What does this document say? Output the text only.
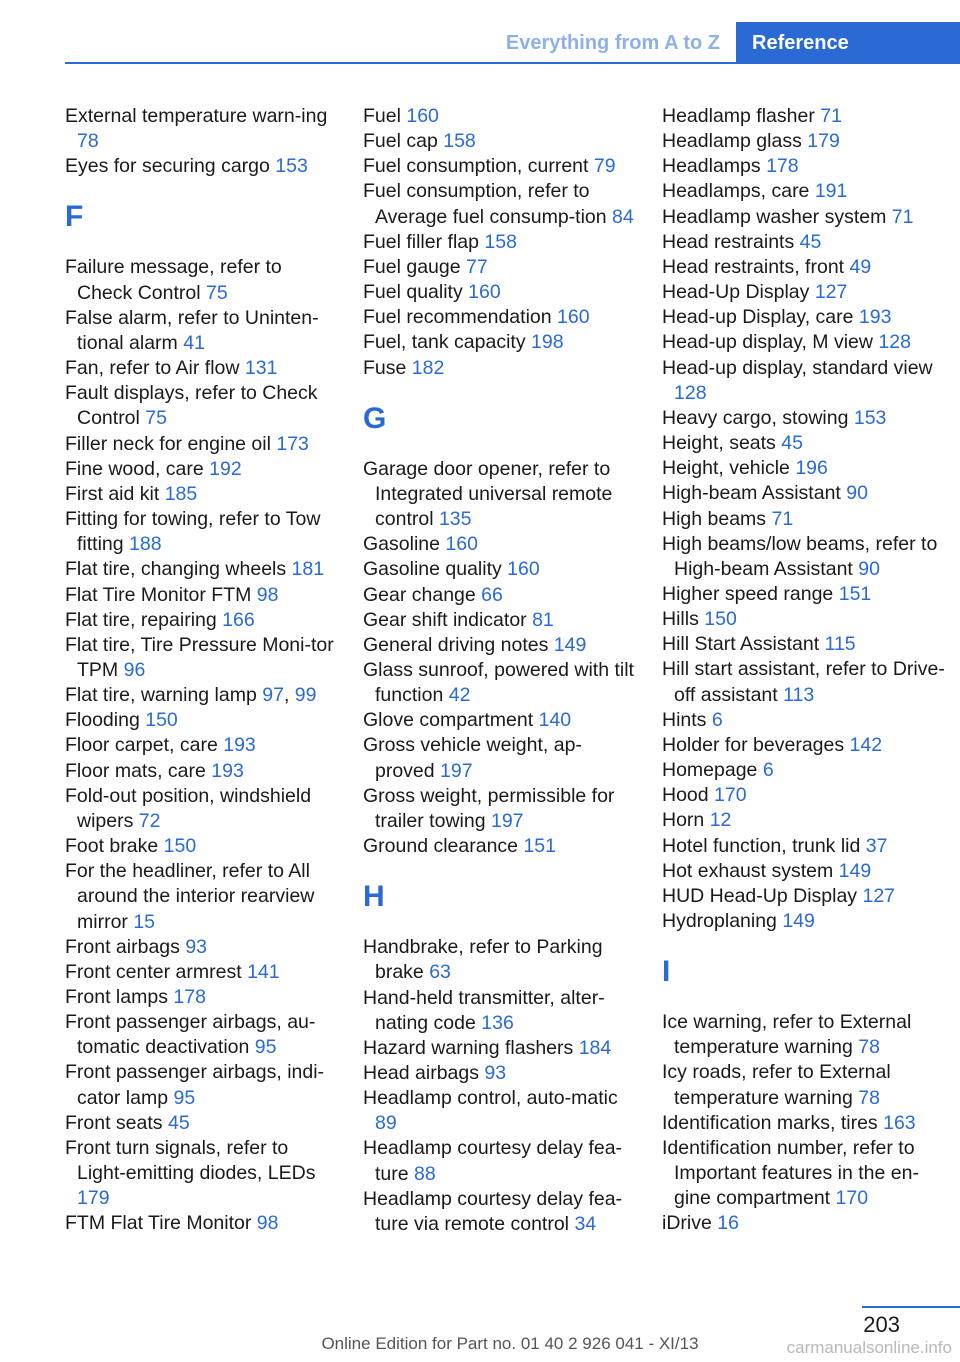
Everything from A to Z	Reference
External temperature warn‐ing 78
Eyes for securing cargo 153
F
Failure message, refer to Check Control 75
False alarm, refer to Uninten‐tional alarm 41
Fan, refer to Air flow 131
Fault displays, refer to Check Control 75
Filler neck for engine oil 173
Fine wood, care 192
First aid kit 185
Fitting for towing, refer to Tow fitting 188
Flat tire, changing wheels 181
Flat Tire Monitor FTM 98
Flat tire, repairing 166
Flat tire, Tire Pressure Moni‐tor TPM 96
Flat tire, warning lamp 97, 99
Flooding 150
Floor carpet, care 193
Floor mats, care 193
Fold-out position, windshield wipers 72
Foot brake 150
For the headliner, refer to All around the interior rearview mirror 15
Front airbags 93
Front center armrest 141
Front lamps 178
Front passenger airbags, au‐tomatic deactivation 95
Front passenger airbags, indi‐cator lamp 95
Front seats 45
Front turn signals, refer to Light-emitting diodes, LEDs 179
FTM Flat Tire Monitor 98
Fuel 160
Fuel cap 158
Fuel consumption, current 79
Fuel consumption, refer to Average fuel consump‐tion 84
Fuel filler flap 158
Fuel gauge 77
Fuel quality 160
Fuel recommendation 160
Fuel, tank capacity 198
Fuse 182
G
Garage door opener, refer to Integrated universal remote control 135
Gasoline 160
Gasoline quality 160
Gear change 66
Gear shift indicator 81
General driving notes 149
Glass sunroof, powered with tilt function 42
Glove compartment 140
Gross vehicle weight, ap‐proved 197
Gross weight, permissible for trailer towing 197
Ground clearance 151
H
Handbrake, refer to Parking brake 63
Hand-held transmitter, alter‐nating code 136
Hazard warning flashers 184
Head airbags 93
Headlamp control, auto‐matic 89
Headlamp courtesy delay fea‐ture 88
Headlamp courtesy delay fea‐ture via remote control 34
Headlamp flasher 71
Headlamp glass 179
Headlamps 178
Headlamps, care 191
Headlamp washer system 71
Head restraints 45
Head restraints, front 49
Head-Up Display 127
Head-up Display, care 193
Head-up display, M view 128
Head-up display, standard view 128
Heavy cargo, stowing 153
Height, seats 45
Height, vehicle 196
High-beam Assistant 90
High beams 71
High beams/low beams, refer to High-beam Assistant 90
Higher speed range 151
Hills 150
Hill Start Assistant 115
Hill start assistant, refer to Drive-off assistant 113
Hints 6
Holder for beverages 142
Homepage 6
Hood 170
Horn 12
Hotel function, trunk lid 37
Hot exhaust system 149
HUD Head-Up Display 127
Hydroplaning 149
I
Ice warning, refer to External temperature warning 78
Icy roads, refer to External temperature warning 78
Identification marks, tires 163
Identification number, refer to Important features in the en‐gine compartment 170
iDrive 16
203
Online Edition for Part no. 01 40 2 926 041 - XI/13	carmanualsonline.info
